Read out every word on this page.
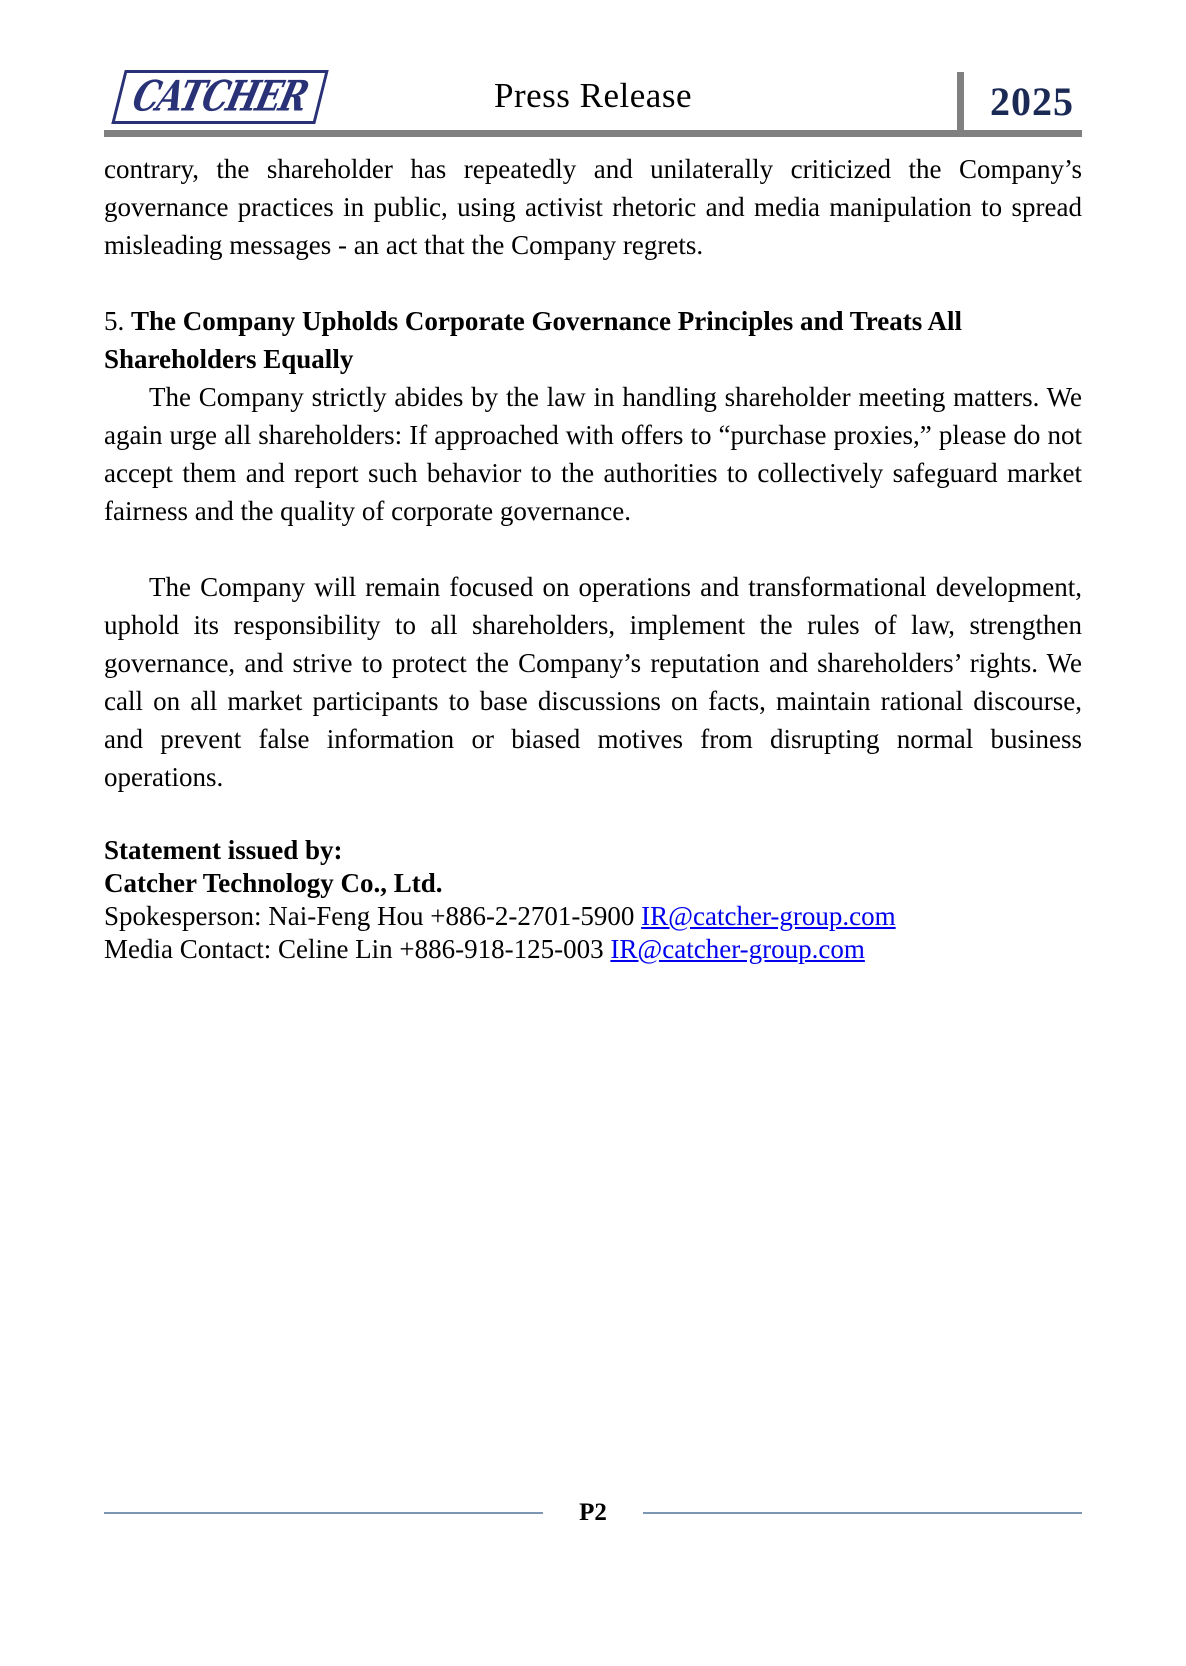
CATCHER	Press Release	2025

contrary, the shareholder has repeatedly and unilaterally criticized the Company’s governance practices in public, using activist rhetoric and media manipulation to spread misleading messages - an act that the Company regrets.

5. The Company Upholds Corporate Governance Principles and Treats All Shareholders Equally

The Company strictly abides by the law in handling shareholder meeting matters. We again urge all shareholders: If approached with offers to “purchase proxies,” please do not accept them and report such behavior to the authorities to collectively safeguard market fairness and the quality of corporate governance.

The Company will remain focused on operations and transformational development, uphold its responsibility to all shareholders, implement the rules of law, strengthen governance, and strive to protect the Company’s reputation and shareholders’ rights. We call on all market participants to base discussions on facts, maintain rational discourse, and prevent false information or biased motives from disrupting normal business operations.

Statement issued by:

Catcher Technology Co., Ltd.

Spokesperson: Nai-Feng Hou +886-2-2701-5900 IR@catcher-group.com

Media Contact: Celine Lin +886-918-125-003 IR@catcher-group.com

P2
